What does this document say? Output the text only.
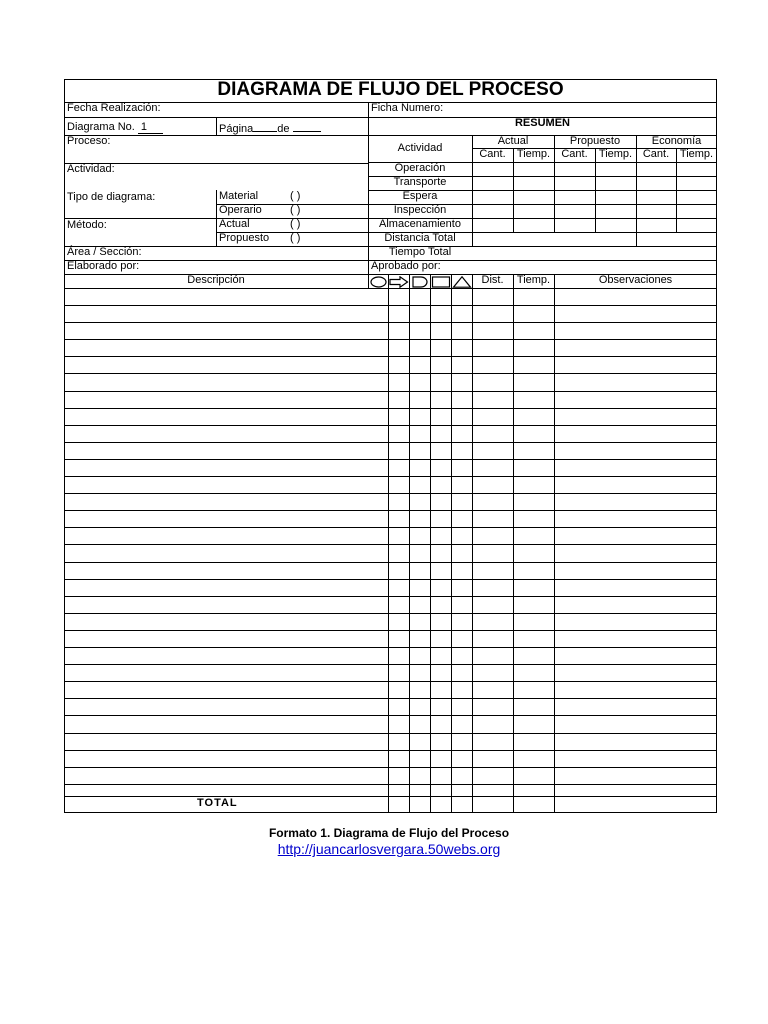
DIAGRAMA DE FLUJO DEL PROCESO
Fecha Realización:	Ficha Numero:
Diagrama No. 1	Página de	RESUMEN
Proceso:
Actividad
Actual	Propuesto	Economía
Cant.	Tiemp.	Cant.	Tiemp. Cant. Tiemp.
Actividad:	Operación
Transporte
Espera
Inspección
Almacenamiento
Distancia Total
Tiempo Total
Tipo de diagrama:	Material	( )
Operario	( )
Método:	Actual	( )
Propuesto ( )
Área / Sección:
Elaborado por:	Aprobado por:
Descripción	Dist.	Tiemp.	Observaciones
TOTAL
Formato 1. Diagrama de Flujo del Proceso
http://juancarlosvergara.50webs.org
